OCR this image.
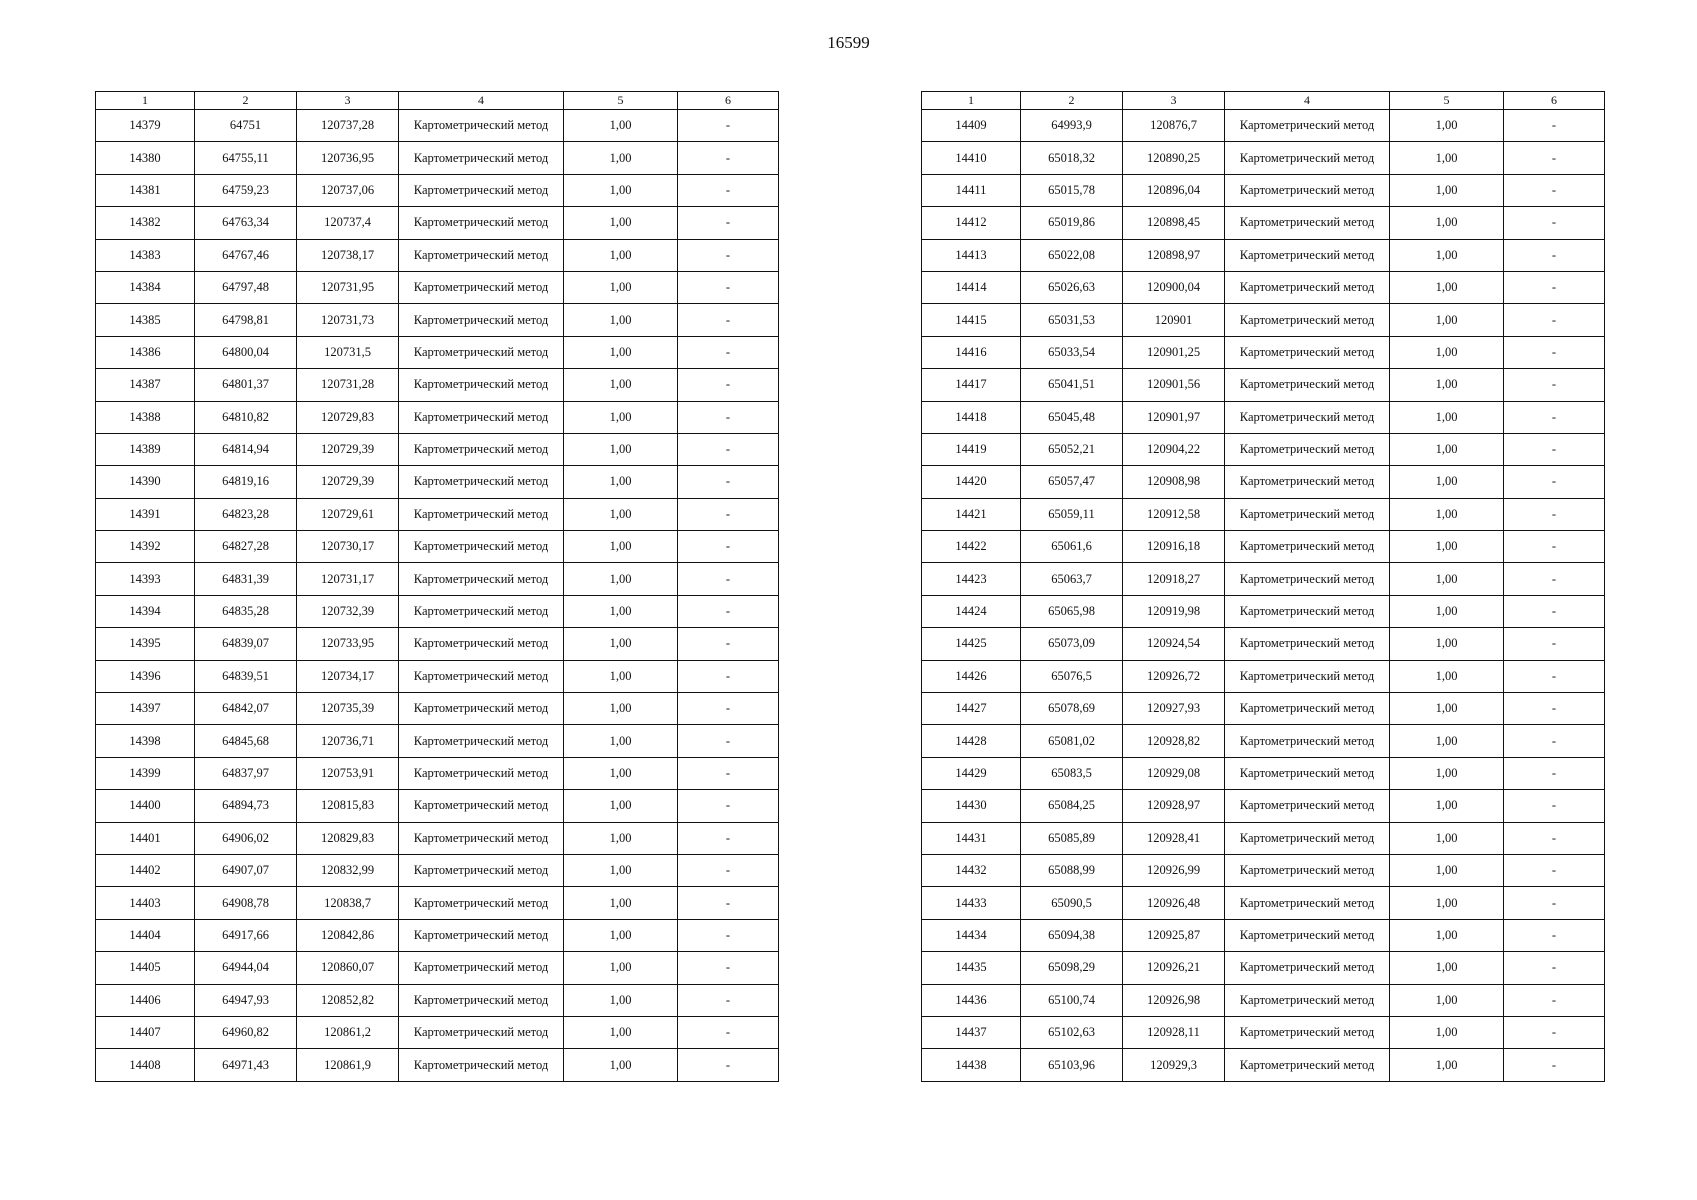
16599
1	2	3	4	5	6
14379	64751	120737,28	Картометрический метод	1,00	-
14380	64755,11	120736,95	Картометрический метод	1,00	-
14381	64759,23	120737,06	Картометрический метод	1,00	-
14382	64763,34	120737,4	Картометрический метод	1,00	-
14383	64767,46	120738,17	Картометрический метод	1,00	-
14384	64797,48	120731,95	Картометрический метод	1,00	-
14385	64798,81	120731,73	Картометрический метод	1,00	-
14386	64800,04	120731,5	Картометрический метод	1,00	-
14387	64801,37	120731,28	Картометрический метод	1,00	-
14388	64810,82	120729,83	Картометрический метод	1,00	-
14389	64814,94	120729,39	Картометрический метод	1,00	-
14390	64819,16	120729,39	Картометрический метод	1,00	-
14391	64823,28	120729,61	Картометрический метод	1,00	-
14392	64827,28	120730,17	Картометрический метод	1,00	-
14393	64831,39	120731,17	Картометрический метод	1,00	-
14394	64835,28	120732,39	Картометрический метод	1,00	-
14395	64839,07	120733,95	Картометрический метод	1,00	-
14396	64839,51	120734,17	Картометрический метод	1,00	-
14397	64842,07	120735,39	Картометрический метод	1,00	-
14398	64845,68	120736,71	Картометрический метод	1,00	-
14399	64837,97	120753,91	Картометрический метод	1,00	-
14400	64894,73	120815,83	Картометрический метод	1,00	-
14401	64906,02	120829,83	Картометрический метод	1,00	-
14402	64907,07	120832,99	Картометрический метод	1,00	-
14403	64908,78	120838,7	Картометрический метод	1,00	-
14404	64917,66	120842,86	Картометрический метод	1,00	-
14405	64944,04	120860,07	Картометрический метод	1,00	-
14406	64947,93	120852,82	Картометрический метод	1,00	-
14407	64960,82	120861,2	Картометрический метод	1,00	-
14408	64971,43	120861,9	Картометрический метод	1,00	-
1	2	3	4	5	6
14409	64993,9	120876,7	Картометрический метод	1,00	-
14410	65018,32	120890,25	Картометрический метод	1,00	-
14411	65015,78	120896,04	Картометрический метод	1,00	-
14412	65019,86	120898,45	Картометрический метод	1,00	-
14413	65022,08	120898,97	Картометрический метод	1,00	-
14414	65026,63	120900,04	Картометрический метод	1,00	-
14415	65031,53	120901	Картометрический метод	1,00	-
14416	65033,54	120901,25	Картометрический метод	1,00	-
14417	65041,51	120901,56	Картометрический метод	1,00	-
14418	65045,48	120901,97	Картометрический метод	1,00	-
14419	65052,21	120904,22	Картометрический метод	1,00	-
14420	65057,47	120908,98	Картометрический метод	1,00	-
14421	65059,11	120912,58	Картометрический метод	1,00	-
14422	65061,6	120916,18	Картометрический метод	1,00	-
14423	65063,7	120918,27	Картометрический метод	1,00	-
14424	65065,98	120919,98	Картометрический метод	1,00	-
14425	65073,09	120924,54	Картометрический метод	1,00	-
14426	65076,5	120926,72	Картометрический метод	1,00	-
14427	65078,69	120927,93	Картометрический метод	1,00	-
14428	65081,02	120928,82	Картометрический метод	1,00	-
14429	65083,5	120929,08	Картометрический метод	1,00	-
14430	65084,25	120928,97	Картометрический метод	1,00	-
14431	65085,89	120928,41	Картометрический метод	1,00	-
14432	65088,99	120926,99	Картометрический метод	1,00	-
14433	65090,5	120926,48	Картометрический метод	1,00	-
14434	65094,38	120925,87	Картометрический метод	1,00	-
14435	65098,29	120926,21	Картометрический метод	1,00	-
14436	65100,74	120926,98	Картометрический метод	1,00	-
14437	65102,63	120928,11	Картометрический метод	1,00	-
14438	65103,96	120929,3	Картометрический метод	1,00	-
